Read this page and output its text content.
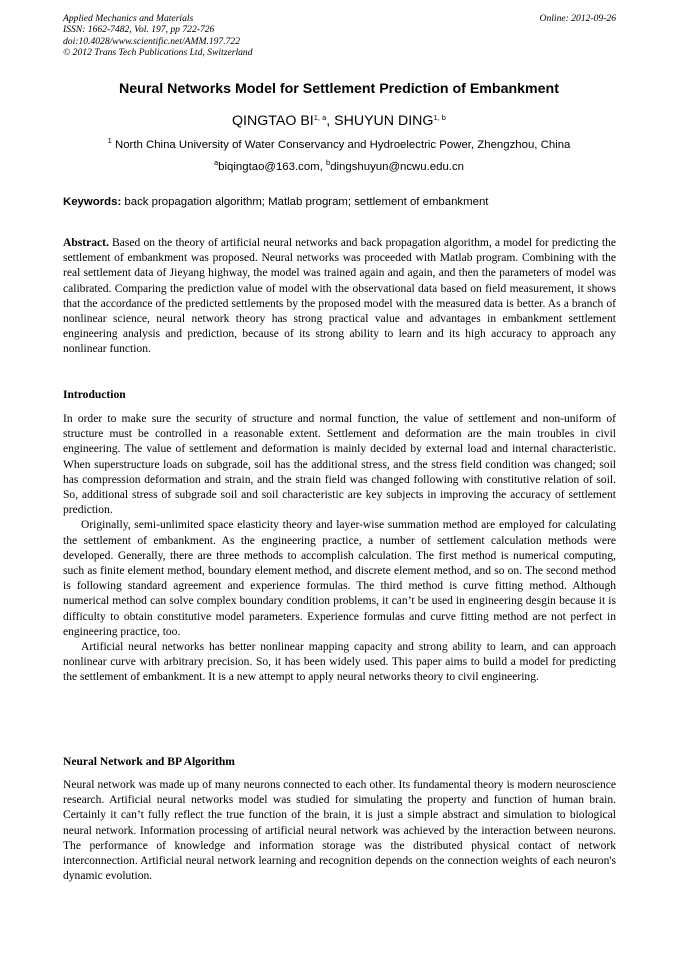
Applied Mechanics and Materials
ISSN: 1662-7482, Vol. 197, pp 722-726
doi:10.4028/www.scientific.net/AMM.197.722
© 2012 Trans Tech Publications Ltd, Switzerland
Online: 2012-09-26
Neural Networks Model for Settlement Prediction of Embankment
QINGTAO BI$^{1, a}$, SHUYUN DING$^{1, b}$
$^1$ North China University of Water Conservancy and Hydroelectric Power, Zhengzhou, China
$^a$biqingtao@163.com, $^b$dingshuyun@ncwu.edu.cn
Keywords: back propagation algorithm; Matlab program; settlement of embankment

Abstract. Based on the theory of artificial neural networks and back propagation algorithm, a model for predicting the settlement of embankment was proposed. Neural networks was proceeded with Matlab program. Combining with the real settlement data of Jieyang highway, the model was trained again and again, and then the parameters of model was calibrated. Comparing the prediction value of model with the observational data based on field measurement, it shows that the accordance of the predicted settlements by the proposed model with the measured data is better. As a branch of nonlinear science, neural network theory has strong practical value and advantages in embankment settlement engineering analysis and prediction, because of its strong ability to learn and its high accuracy to approach any nonlinear function.

Introduction

In order to make sure the security of structure and normal function, the value of settlement and non-uniform of structure must be controlled in a reasonable extent. Settlement and deformation are the main troubles in civil engineering. The value of settlement and deformation is mainly decided by external load and internal characteristic. When superstructure loads on subgrade, soil has the additional stress, and the stress field condition was changed; soil has compression deformation and strain, and the strain field was changed following with constitutive relation of soil. So, additional stress of subgrade soil and soil characteristic are key subjects in improving the accuracy of settlement prediction.

Originally, semi-unlimited space elasticity theory and layer-wise summation method are employed for calculating the settlement of embankment. As the engineering practice, a number of settlement calculation methods were developed. Generally, there are three methods to accomplish calculation. The first method is numerical computing, such as finite element method, boundary element method, and discrete element method, and so on. The second method is following standard agreement and experience formulas. The third method is curve fitting method. Although numerical method can solve complex boundary condition problems, it can’t be used in engineering desgin because it is difficulty to obtain constitutive model parameters. Experience formulas and curve fitting method are not perfect in engineering practice, too.

Artificial neural networks has better nonlinear mapping capacity and strong ability to learn, and can approach nonlinear curve with arbitrary precision. So, it has been widely used. This paper aims to build a model for predicting the settlement of embankment. It is a new attempt to apply neural networks theory to civil engineering.

Neural Network and BP Algorithm

Neural network was made up of many neurons connected to each other. Its fundamental theory is modern neuroscience research. Artificial neural networks model was studied for simulating the property and function of human brain. Certainly it can’t fully reflect the true function of the brain, it is just a simple abstract and simulation to biological neural network. Information processing of artificial neural network was achieved by the interaction between neurons. The performance of knowledge and information storage was the distributed physical contact of network interconnection. Artificial neural network learning and recognition depends on the connection weights of each neuron's dynamic evolution.
